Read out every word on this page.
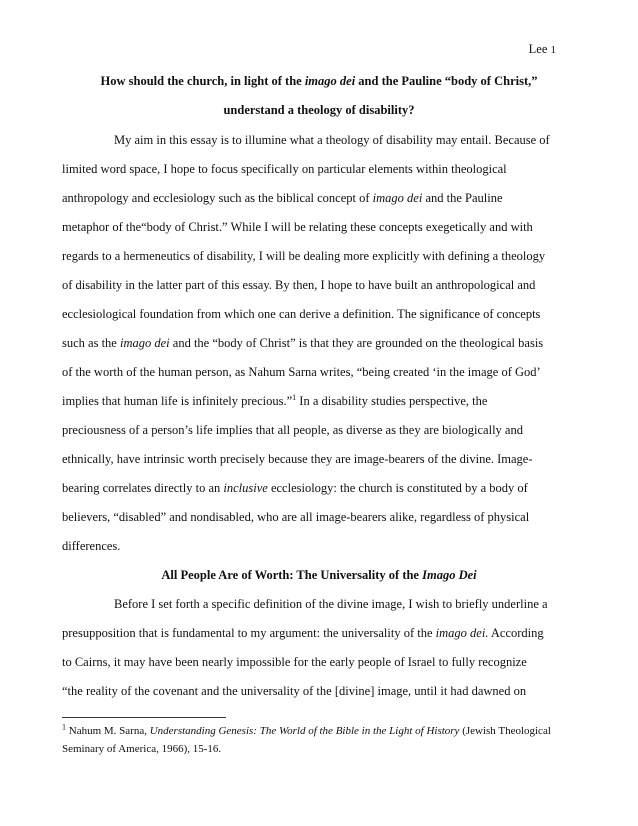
Lee 1
How should the church, in light of the imago dei and the Pauline “body of Christ,”
understand a theology of disability?
My aim in this essay is to illumine what a theology of disability may entail. Because of
limited word space, I hope to focus specifically on particular elements within theological
anthropology and ecclesiology such as the biblical concept of imago dei and the Pauline
metaphor of the“body of Christ.” While I will be relating these concepts exegetically and with
regards to a hermeneutics of disability, I will be dealing more explicitly with defining a theology
of disability in the latter part of this essay. By then, I hope to have built an anthropological and
ecclesiological foundation from which one can derive a definition. The significance of concepts
such as the imago dei and the “body of Christ” is that they are grounded on the theological basis
of the worth of the human person, as Nahum Sarna writes, “being created ‘in the image of God’
implies that human life is infinitely precious.”$^1$ In a disability studies perspective, the
preciousness of a person’s life implies that all people, as diverse as they are biologically and
ethnically, have intrinsic worth precisely because they are image-bearers of the divine. Image-
bearing correlates directly to an inclusive ecclesiology: the church is constituted by a body of
believers, “disabled” and nondisabled, who are all image-bearers alike, regardless of physical
differences.
All People Are of Worth: The Universality of the Imago Dei
Before I set forth a specific definition of the divine image, I wish to briefly underline a
presupposition that is fundamental to my argument: the universality of the imago dei. According
to Cairns, it may have been nearly impossible for the early people of Israel to fully recognize
“the reality of the covenant and the universality of the [divine] image, until it had dawned on
$^1$ Nahum M. Sarna, Understanding Genesis: The World of the Bible in the Light of History (Jewish Theological
Seminary of America, 1966), 15-16.
